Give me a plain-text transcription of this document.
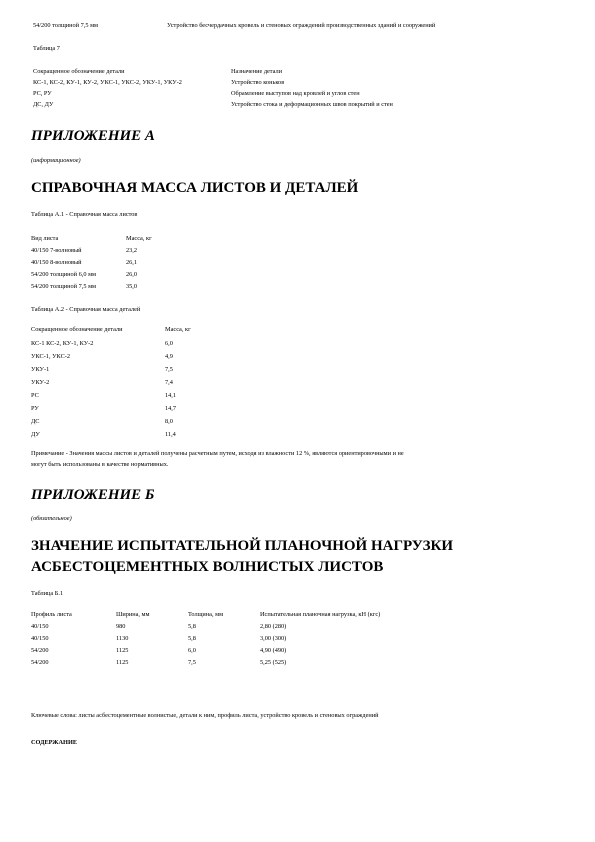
54/200 толщиной 7,5 мм	Устройство бесчердачных кровель и стеновых ограждений производственных зданий и сооружений
Таблица 7
Сокращенное обозначение детали	Назначение детали
КС-1, КС-2, КУ-1, КУ-2, УКС-1, УКС-2, УКУ-1, УКУ-2	Устройство коньков
РС, РУ	Обрамление выступов над кровлей и углов стен
ДС, ДУ	Устройство стока и деформационных швов покрытий и стен
ПРИЛОЖЕНИЕ А
(информационное)
СПРАВОЧНАЯ МАССА ЛИСТОВ И ДЕТАЛЕЙ
Таблица А.1 - Справочная масса листов
Вид листа	Масса, кг
40/150 7-волновый	23,2
40/150 8-волновый	26,1
54/200 толщиной 6,0 мм	26,0
54/200 толщиной 7,5 мм	35,0
Таблица А.2 - Справочная масса деталей
Сокращенное обозначение детали	Масса, кг
КС-1 КС-2, КУ-1, КУ-2	6,0
УКС-1, УКС-2	4,9
УКУ-1	7,5
УКУ-2	7,4
РС	14,1
РУ	14,7
ДС	8,0
ДУ	11,4
Примечание - Значения массы листов и деталей получены расчетным путем, исходя из влажности 12 %, являются ориентировочными и не
могут быть использованы в качестве нормативных.
ПРИЛОЖЕНИЕ Б
(обязательное)
ЗНАЧЕНИЕ ИСПЫТАТЕЛЬНОЙ ПЛАНОЧНОЙ НАГРУЗКИ
АСБЕСТОЦЕМЕНТНЫХ ВОЛНИСТЫХ ЛИСТОВ
Таблица Б.1
Профиль листа	Ширина, мм	Толщина, мм	Испытательная планочная нагрузка, кН (кгс)
40/150	980	5,8	2,80 (280)
40/150	1130	5,8	3,00 (300)
54/200	1125	6,0	4,90 (490)
54/200	1125	7,5	5,25 (525)
Ключевые слова: листы асбестоцементные волнистые, детали к ним, профиль листа, устройство кровель и стеновых ограждений
СОДЕРЖАНИЕ
